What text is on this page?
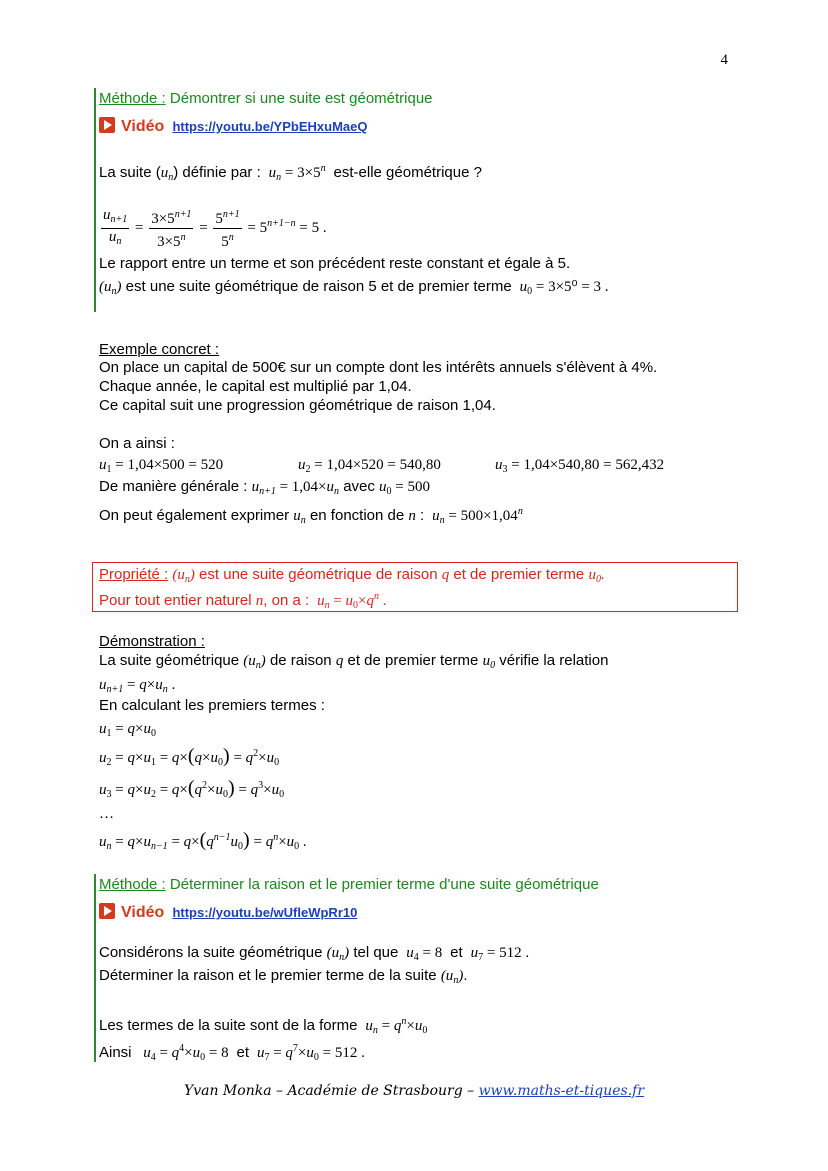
4
Méthode : Démontrer si une suite est géométrique
Vidéo https://youtu.be/YPbEHxuMaeQ
La suite $(u_n)$ définie par : $u_n = 3\times 5^n$ est-elle géométrique ?
$\frac{u_{n+1}}{u_n} = \frac{3\times 5^{n+1}}{3\times 5^n} = \frac{5^{n+1}}{5^n} = 5^{n+1-n} = 5$ .
Le rapport entre un terme et son précédent reste constant et égale à 5.
$(u_n)$ est une suite géométrique de raison 5 et de premier terme $u_0 = 3\times 5^0 = 3$ .
Exemple concret :
On place un capital de 500€ sur un compte dont les intérêts annuels s'élèvent à 4%.
Chaque année, le capital est multiplié par 1,04.
Ce capital suit une progression géométrique de raison 1,04.
On a ainsi :
$u_1 = 1,04\times 500 = 520$	$u_2 = 1,04\times 520 = 540,80$	$u_3 = 1,04\times 540,80 = 562,432$
De manière générale : $u_{n+1} = 1,04\times u_n$ avec $u_0 = 500$
On peut également exprimer $u_n$ en fonction de n :  $u_n = 500\times 1,04^n$
Propriété : $(u_n)$ est une suite géométrique de raison q et de premier terme $u_0$.
Pour tout entier naturel n, on a : $u_n = u_0\times q^n$ .
Démonstration :
La suite géométrique $(u_n)$ de raison q et de premier terme $u_0$ vérifie la relation
$u_{n+1} = q\times u_n$ .
En calculant les premiers termes :
$u_1 = q\times u_0$
$u_2 = q\times u_1 = q\times(q\times u_0) = q^2\times u_0$
$u_3 = q\times u_2 = q\times(q^2\times u_0) = q^3\times u_0$
…
$u_n = q\times u_{n-1} = q\times(q^{n-1}u_0) = q^n\times u_0$ .
Méthode : Déterminer la raison et le premier terme d'une suite géométrique
Vidéo https://youtu.be/wUfleWpRr10
Considérons la suite géométrique $(u_n)$ tel que $u_4 = 8$  et $u_7 = 512$ .
Déterminer la raison et le premier terme de la suite $(u_n)$.
Les termes de la suite sont de la forme $u_n = q^n\times u_0$
Ainsi $u_4 = q^4\times u_0 = 8$  et $u_7 = q^7\times u_0 = 512$ .
Yvan Monka – Académie de Strasbourg – www.maths-et-tiques.fr
